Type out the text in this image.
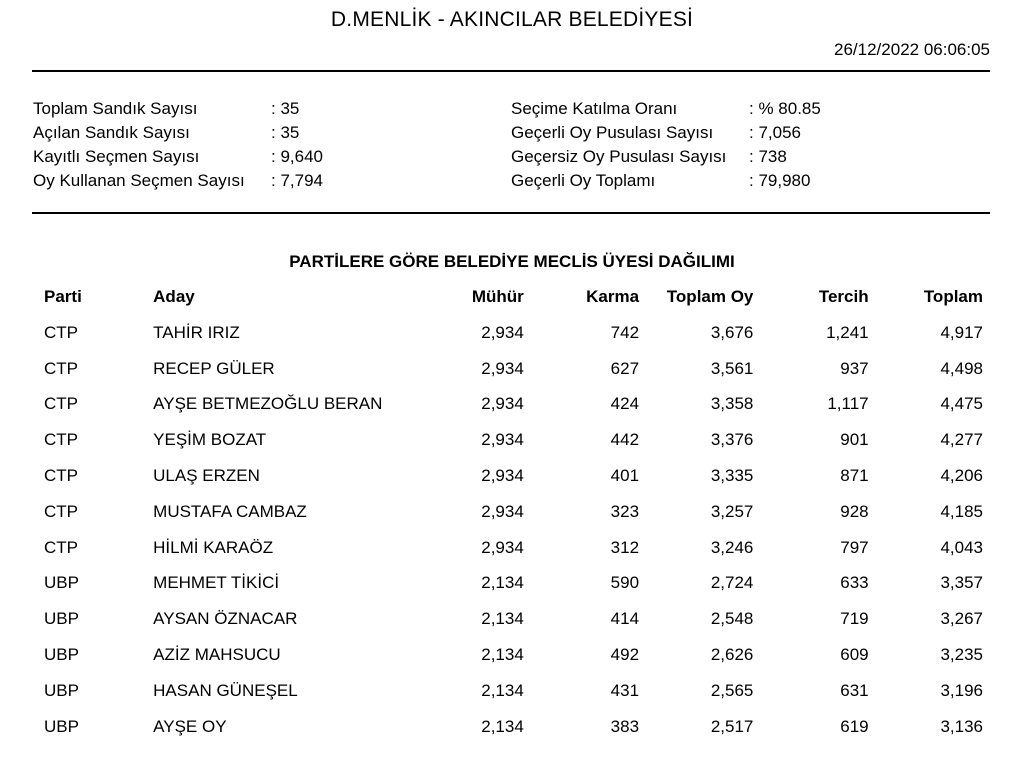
D.MENLİK - AKINCILAR BELEDİYESİ
26/12/2022 06:06:05
Toplam Sandık Sayısı	: 35
Açılan Sandık Sayısı	: 35
Kayıtlı Seçmen Sayısı	: 9,640
Oy Kullanan Seçmen Sayısı	: 7,794
Seçime Katılma Oranı	: % 80.85
Geçerli Oy Pusulası Sayısı	: 7,056
Geçersiz Oy Pusulası Sayısı	: 738
Geçerli Oy Toplamı	: 79,980
PARTİLERE GÖRE BELEDİYE MECLİS ÜYESİ DAĞILIMI
Parti	Aday	Mühür	Karma	Toplam Oy	Tercih	Toplam
CTP	TAHİR IRIZ	2,934	742	3,676	1,241	4,917
CTP	RECEP GÜLER	2,934	627	3,561	937	4,498
CTP	AYŞE BETMEZOĞLU BERAN	2,934	424	3,358	1,117	4,475
CTP	YEŞİM BOZAT	2,934	442	3,376	901	4,277
CTP	ULAŞ ERZEN	2,934	401	3,335	871	4,206
CTP	MUSTAFA CAMBAZ	2,934	323	3,257	928	4,185
CTP	HİLMİ KARAÖZ	2,934	312	3,246	797	4,043
UBP	MEHMET TİKİCİ	2,134	590	2,724	633	3,357
UBP	AYSAN ÖZNACAR	2,134	414	2,548	719	3,267
UBP	AZİZ MAHSUCU	2,134	492	2,626	609	3,235
UBP	HASAN GÜNEŞEL	2,134	431	2,565	631	3,196
UBP	AYŞE OY	2,134	383	2,517	619	3,136
